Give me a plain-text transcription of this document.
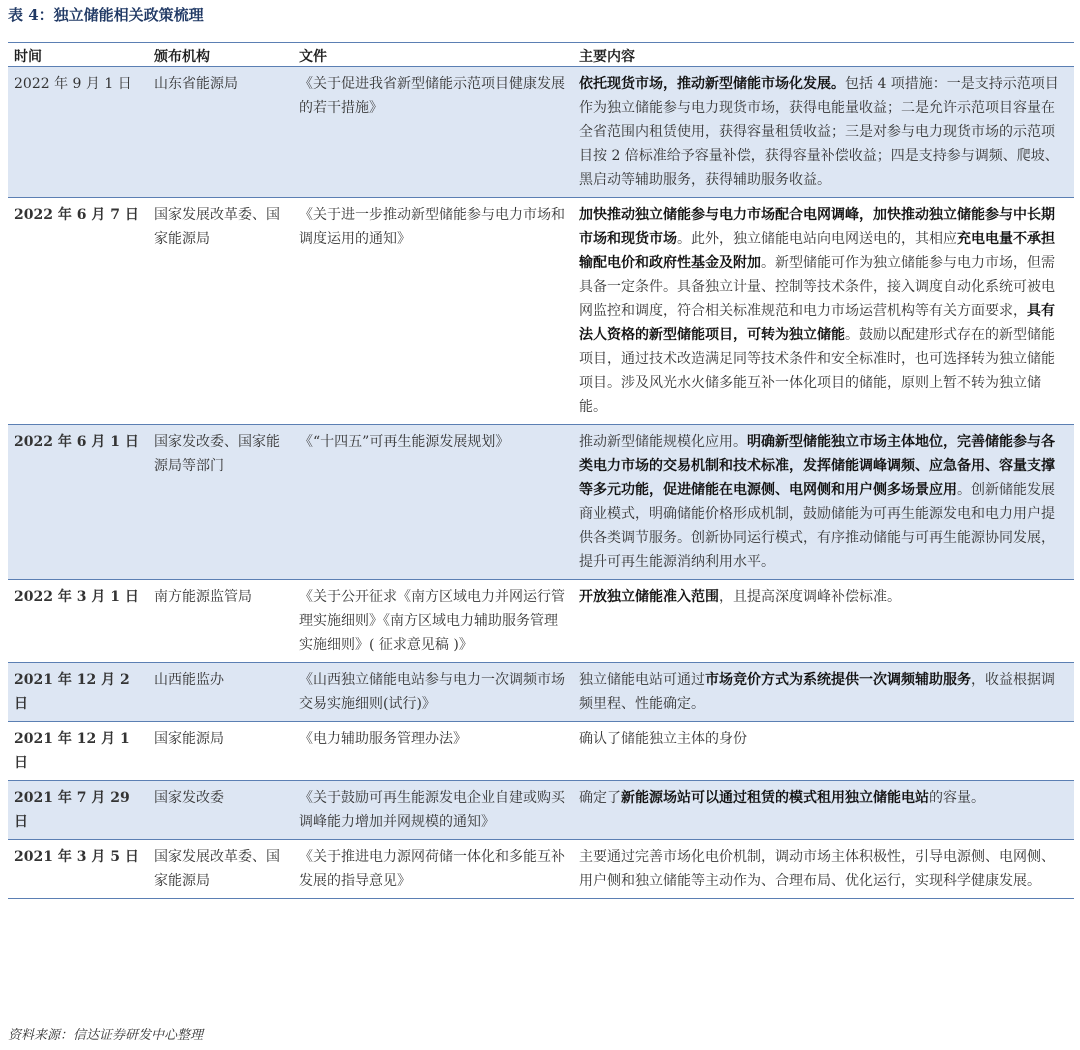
表 4：独立储能相关政策梳理
时间	颁布机构	文件	主要内容
2022 年 9 月 1 日	山东省能源局	《关于促进我省新型储能示范项目健康发展的若干措施》	依托现货市场，推动新型储能市场化发展。包括 4 项措施：一是支持示范项目作为独立储能参与电力现货市场，获得电能量收益；二是允许示范项目容量在全省范围内租赁使用，获得容量租赁收益；三是对参与电力现货市场的示范项目按 2 倍标准给予容量补偿，获得容量补偿收益；四是支持参与调频、爬坡、黑启动等辅助服务，获得辅助服务收益。
2022 年 6 月 7 日	国家发展改革委、国家能源局	《关于进一步推动新型储能参与电力市场和调度运用的通知》	加快推动独立储能参与电力市场配合电网调峰，加快推动独立储能参与中长期市场和现货市场。此外，独立储能电站向电网送电的，其相应充电电量不承担输配电价和政府性基金及附加。新型储能可作为独立储能参与电力市场，但需具备一定条件。具备独立计量、控制等技术条件，接入调度自动化系统可被电网监控和调度，符合相关标准规范和电力市场运营机构等有关方面要求，具有法人资格的新型储能项目，可转为独立储能。鼓励以配建形式存在的新型储能项目，通过技术改造满足同等技术条件和安全标准时，也可选择转为独立储能项目。涉及风光水火储多能互补一体化项目的储能，原则上暂不转为独立储能。
2022 年 6 月 1 日	国家发改委、国家能源局等部门	《“十四五”可再生能源发展规划》	推动新型储能规模化应用。明确新型储能独立市场主体地位，完善储能参与各类电力市场的交易机制和技术标准，发挥储能调峰调频、应急备用、容量支撑等多元功能，促进储能在电源侧、电网侧和用户侧多场景应用。创新储能发展商业模式，明确储能价格形成机制，鼓励储能为可再生能源发电和电力用户提供各类调节服务。创新协同运行模式，有序推动储能与可再生能源协同发展，提升可再生能源消纳利用水平。
2022 年 3 月 1 日	南方能源监管局	《关于公开征求《南方区域电力并网运行管理实施细则》《南方区域电力辅助服务管理实施细则》( 征求意见稿 )》	开放独立储能准入范围，且提高深度调峰补偿标准。
2021 年 12 月 2 日	山西能监办	《山西独立储能电站参与电力一次调频市场交易实施细则(试行)》	独立储能电站可通过市场竞价方式为系统提供一次调频辅助服务，收益根据调频里程、性能确定。
2021 年 12 月 1 日	国家能源局	《电力辅助服务管理办法》	确认了储能独立主体的身份
2021 年 7 月 29 日	国家发改委	《关于鼓励可再生能源发电企业自建或购买调峰能力增加并网规模的通知》	确定了新能源场站可以通过租赁的模式租用独立储能电站的容量。
2021 年 3 月 5 日	国家发展改革委、国家能源局	《关于推进电力源网荷储一体化和多能互补发展的指导意见》	主要通过完善市场化电价机制，调动市场主体积极性，引导电源侧、电网侧、用户侧和独立储能等主动作为、合理布局、优化运行，实现科学健康发展。
资料来源：信达证券研发中心整理
